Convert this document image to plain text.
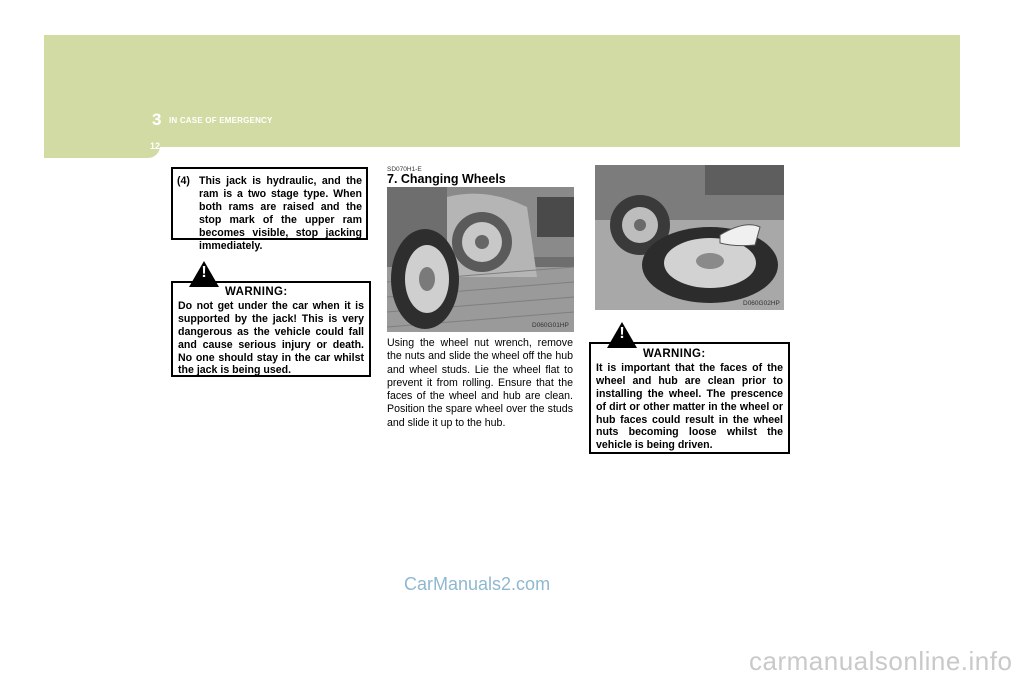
3 IN CASE OF EMERGENCY
12
(4) This jack is hydraulic, and the ram is a two stage type. When both rams are raised and the stop mark of the upper ram becomes visible, stop jacking immediately.
!
WARNING:
Do not get under the car when it is supported by the jack! This is very dangerous as the vehicle could fall and cause serious injury or death. No one should stay in the car whilst the jack is being used.
SD070H1-E
7. Changing Wheels
D060G01HP
Using the wheel nut wrench, remove the nuts and slide the wheel off the hub and wheel studs. Lie the wheel flat to prevent it from rolling. Ensure that the faces of the wheel and hub are clean. Position the spare wheel over the studs and slide it up to the hub.
D060G02HP
!
WARNING:
It is important that the faces of the wheel and hub are clean prior to installing the wheel. The prescence of dirt or other matter in the wheel or hub faces could result in the wheel nuts becoming loose whilst the vehicle is being driven.
CarManuals2.com
carmanualsonline.info
